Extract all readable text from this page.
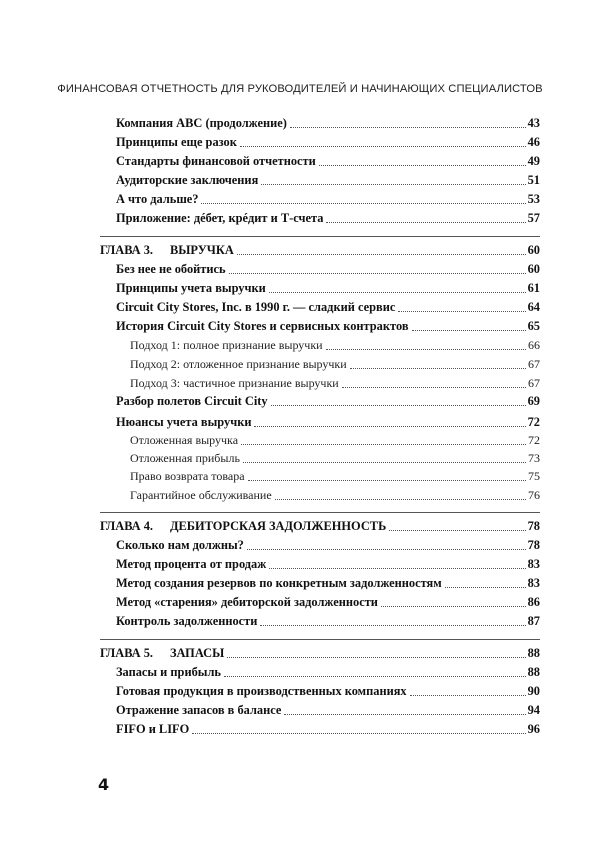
ФИНАНСОВАЯ ОТЧЕТНОСТЬ ДЛЯ РУКОВОДИТЕЛЕЙ И НАЧИНАЮЩИХ СПЕЦИАЛИСТОВ
Компания АВС (продолжение)	43
Принципы еще разок	46
Стандарты финансовой отчетности	49
Аудиторские заключения	51
А что дальше?	53
Приложение: дéбет, крéдит и Т-счета	57
ГЛАВА 3. ВЫРУЧКА	60
Без нее не обойтись	60
Принципы учета выручки	61
Circuit City Stores, Inc. в 1990 г. — сладкий сервис	64
История Circuit City Stores и сервисных контрактов	65
Подход 1: полное признание выручки	66
Подход 2: отложенное признание выручки	67
Подход 3: частичное признание выручки	67
Разбор полетов Circuit City	69
Нюансы учета выручки	72
Отложенная выручка	72
Отложенная прибыль	73
Право возврата товара	75
Гарантийное обслуживание	76
ГЛАВА 4. ДЕБИТОРСКАЯ ЗАДОЛЖЕННОСТЬ	78
Сколько нам должны?	78
Метод процента от продаж	83
Метод создания резервов по конкретным задолженностям	83
Метод «старения» дебиторской задолженности	86
Контроль задолженности	87
ГЛАВА 5. ЗАПАСЫ	88
Запасы и прибыль	88
Готовая продукция в производственных компаниях	90
Отражение запасов в балансе	94
FIFO и LIFO	96
4
